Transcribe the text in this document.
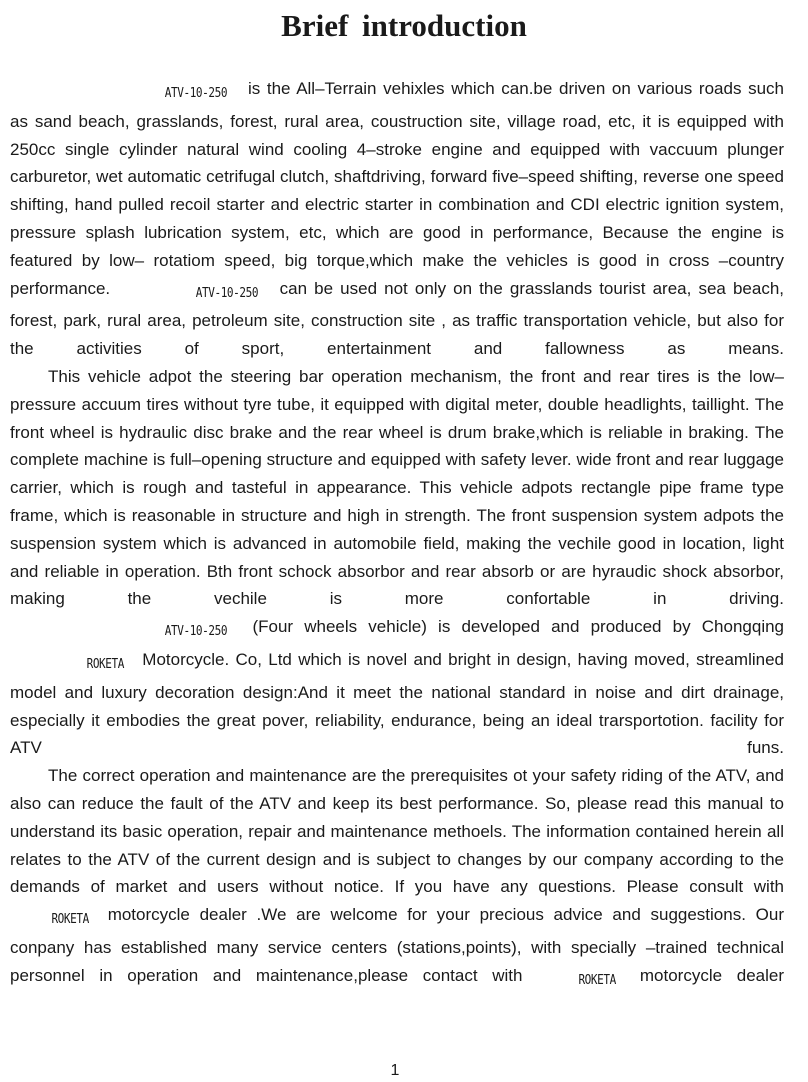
Brief introduction

ATV-10-250 is the All–Terrain vehixles which can.be driven on various roads such as sand beach, grasslands, forest, rural area, coustruction site, village road, etc, it is equipped with 250cc single cylinder natural wind cooling 4–stroke engine and equipped with vaccuum plunger carburetor, wet automatic cetrifugal clutch, shaftdriving, forward five–speed shifting, reverse one speed shifting, hand pulled recoil starter and electric starter in combination and CDI electric ignition system, pressure splash lubrication system, etc, which are good in performance, Because the engine is featured by low– rotatiom speed, big torque,which make the vehicles is good in cross –country performance.	ATV-10-250 can be used not only on the grasslands tourist area, sea beach, forest, park, rural area, petroleum site, construction site , as traffic transportation vehicle, but also for the activities of sport, entertainment and fallowness as means.

This vehicle adpot the steering bar operation mechanism, the front and rear tires is the low–pressure accuum tires without tyre tube, it equipped with digital meter, double headlights, taillight. The front wheel is hydraulic disc brake and the rear wheel is drum brake,which is reliable in braking. The complete machine is full–opening structure and equipped with safety lever. wide front and rear luggage carrier, which is rough and tasteful in appearance. This vehicle adpots rectangle pipe frame type frame, which is reasonable in structure and high in strength. The front suspension system adpots the suspension system which is advanced in automobile field, making the vechile good in location, light and reliable in operation. Bth front schock absorbor and rear absorb or are hyraudic shock absorbor, making the vechile is more confortable in driving.

ATV-10-250 (Four wheels vehicle) is developed and produced by Chongqing ROKETA Motorcycle. Co, Ltd which is novel and bright in design, having moved, streamlined model and luxury decoration design:And it meet the national standard in noise and dirt drainage, especially it embodies the great pover, reliability, endurance, being an ideal trarsportotion. facility for ATV funs.

The correct operation and maintenance are the prerequisites ot your safety riding of the ATV, and also can reduce the fault of the ATV and keep its best performance. So, please read this manual to understand its basic operation, repair and maintenance methoels. The information contained herein all relates to the ATV of the current design and is subject to changes by our company according to the demands of market and users without notice. If you have any questions. Please consult with ROKETA motorcycle dealer .We are welcome for your precious advice and suggestions. Our conpany has established many service centers (stations,points), with specially –trained technical personnel in operation and maintenance,please contact with	ROKETA motorcycle dealer

1
